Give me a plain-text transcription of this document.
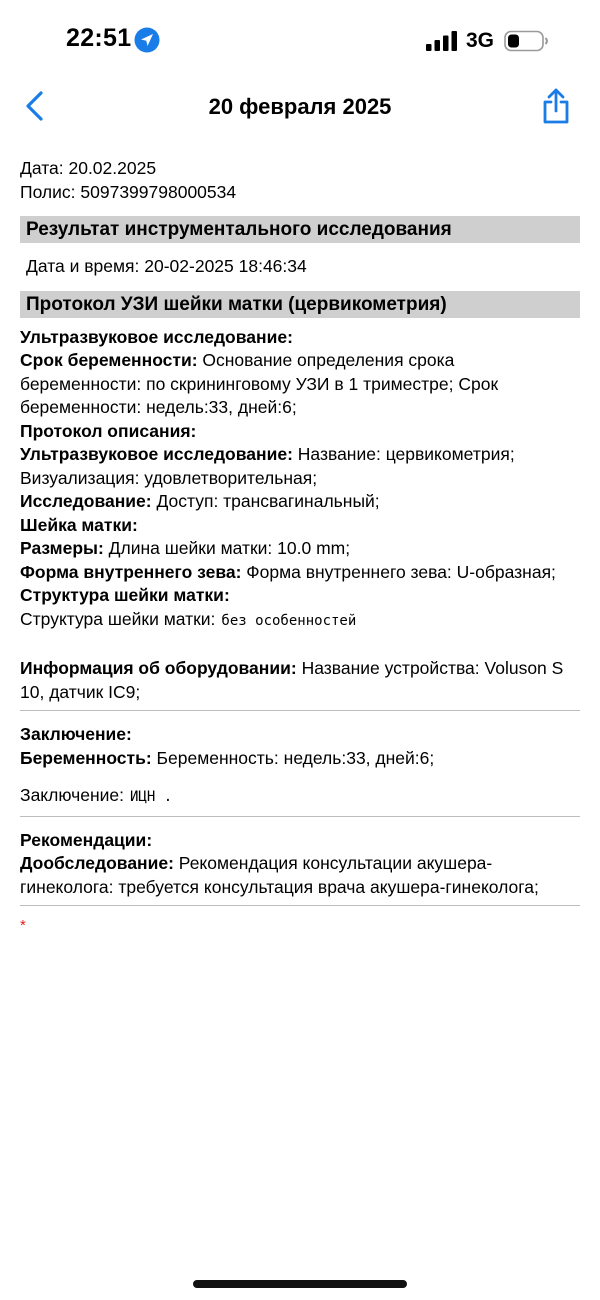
22:51	3G
20 февраля 2025

Дата: 20.02.2025

Полис: 5097399798000534

Результат инструментального исследования

Дата и время: 20-02-2025 18:46:34

Протокол УЗИ шейки матки (цервикометрия)

Ультразвуковое исследование:

Срок беременности: Основание определения срока беременности: по скрининговому УЗИ в 1 триместре; Срок беременности: недель:33, дней:6;

Протокол описания:

Ультразвуковое исследование: Название: цервикометрия; Визуализация: удовлетворительная;

Исследование: Доступ: трансвагинальный;

Шейка матки:

Размеры: Длина шейки матки: 10.0 mm;

Форма внутреннего зева: Форма внутреннего зева: U-образная;

Структура шейки матки:

Структура шейки матки: без особенностей

Информация об оборудовании: Название устройства: Voluson S 10, датчик IC9;

Заключение:

Беременность: Беременность: недель:33, дней:6;

Заключение: ИЦН .

Рекомендации:

Дообследование: Рекомендация консультации акушера-гинеколога: требуется консультация врача акушера-гинеколога;

*
